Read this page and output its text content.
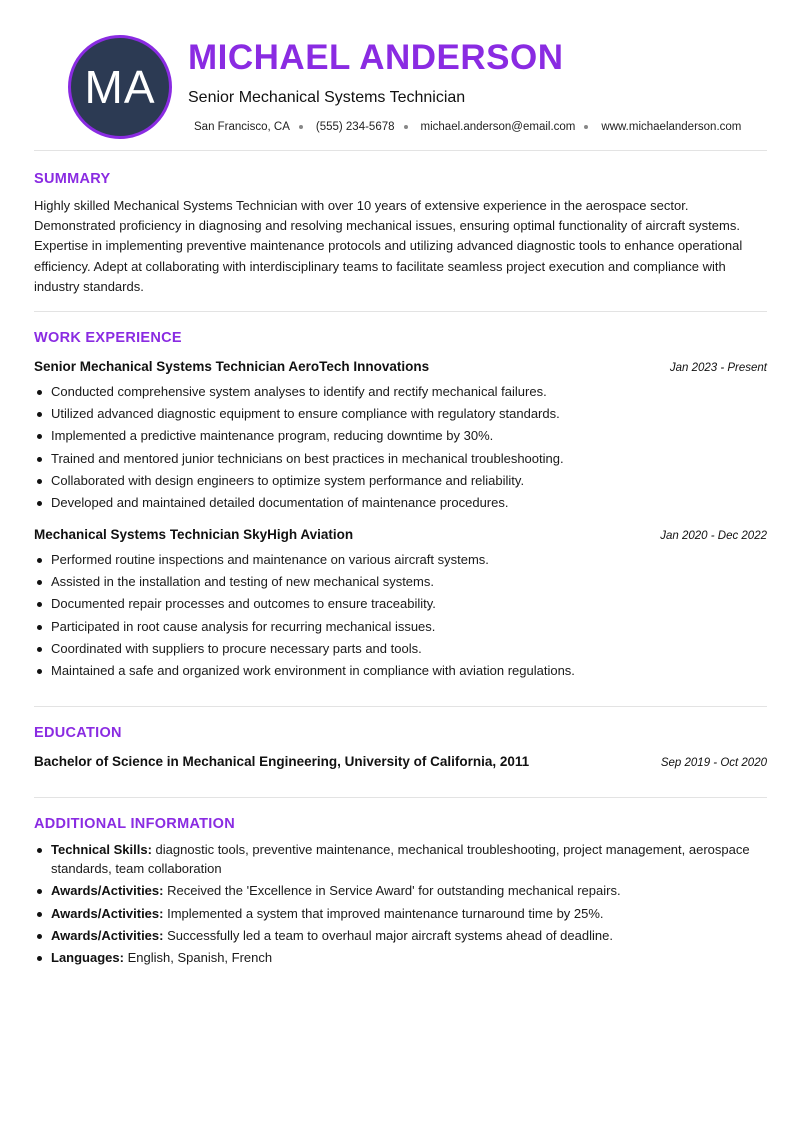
MA
MICHAEL ANDERSON
Senior Mechanical Systems Technician
San Francisco, CA (555) 234-5678 michael.anderson@email.com www.michaelanderson.com
SUMMARY
Highly skilled Mechanical Systems Technician with over 10 years of extensive experience in the aerospace sector. Demonstrated proficiency in diagnosing and resolving mechanical issues, ensuring optimal functionality of aircraft systems. Expertise in implementing preventive maintenance protocols and utilizing advanced diagnostic tools to enhance operational efficiency. Adept at collaborating with interdisciplinary teams to facilitate seamless project execution and compliance with industry standards.
WORK EXPERIENCE
Senior Mechanical Systems Technician AeroTech Innovations	Jan 2023 - Present
Conducted comprehensive system analyses to identify and rectify mechanical failures.
Utilized advanced diagnostic equipment to ensure compliance with regulatory standards.
Implemented a predictive maintenance program, reducing downtime by 30%.
Trained and mentored junior technicians on best practices in mechanical troubleshooting.
Collaborated with design engineers to optimize system performance and reliability.
Developed and maintained detailed documentation of maintenance procedures.
Mechanical Systems Technician SkyHigh Aviation	Jan 2020 - Dec 2022
Performed routine inspections and maintenance on various aircraft systems.
Assisted in the installation and testing of new mechanical systems.
Documented repair processes and outcomes to ensure traceability.
Participated in root cause analysis for recurring mechanical issues.
Coordinated with suppliers to procure necessary parts and tools.
Maintained a safe and organized work environment in compliance with aviation regulations.
EDUCATION
Bachelor of Science in Mechanical Engineering, University of California, 2011	Sep 2019 - Oct 2020
ADDITIONAL INFORMATION
Technical Skills: diagnostic tools, preventive maintenance, mechanical troubleshooting, project management, aerospace standards, team collaboration
Awards/Activities: Received the 'Excellence in Service Award' for outstanding mechanical repairs.
Awards/Activities: Implemented a system that improved maintenance turnaround time by 25%.
Awards/Activities: Successfully led a team to overhaul major aircraft systems ahead of deadline.
Languages: English, Spanish, French
